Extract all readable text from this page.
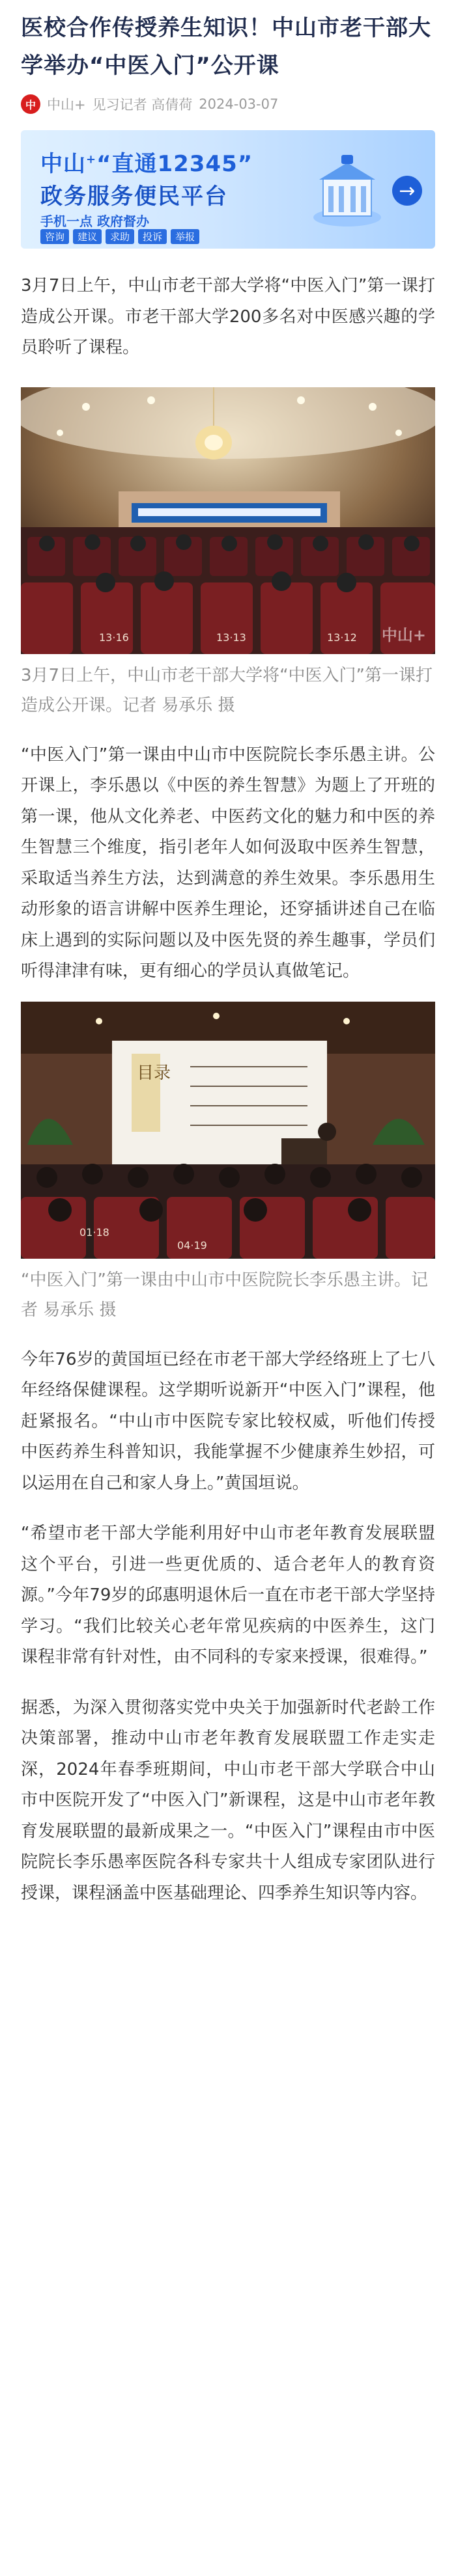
医校合作传授养生知识！中山市老干部大学举办“中医入门”公开课
中 中山+ 见习记者 高倩荷 2024-03-07
中山+“直通12345”
政务服务便民平台
手机一点 政府督办
咨询	建议	求助	投诉	举报
→

3月7日上午，中山市老干部大学将“中医入门”第一课打造成公开课。市老干部大学200多名对中医感兴趣的学员聆听了课程。

13·16	13·13	13·12 中山+

3月7日上午，中山市老干部大学将“中医入门”第一课打造成公开课。记者 易承乐 摄

“中医入门”第一课由中山市中医院院长李乐愚主讲。公开课上，李乐愚以《中医的养生智慧》为题上了开班的第一课，他从文化养老、中医药文化的魅力和中医的养生智慧三个维度，指引老年人如何汲取中医养生智慧，采取适当养生方法，达到满意的养生效果。李乐愚用生动形象的语言讲解中医养生理论，还穿插讲述自己在临床上遇到的实际问题以及中医先贤的养生趣事，学员们听得津津有味，更有细心的学员认真做笔记。

目录
01·18
04·19

“中医入门”第一课由中山市中医院院长李乐愚主讲。记者 易承乐 摄

今年76岁的黄国垣已经在市老干部大学经络班上了七八年经络保健课程。这学期听说新开“中医入门”课程，他赶紧报名。“中山市中医院专家比较权威，听他们传授中医药养生科普知识，我能掌握不少健康养生妙招，可以运用在自己和家人身上。”黄国垣说。

“希望市老干部大学能利用好中山市老年教育发展联盟这个平台，引进一些更优质的、适合老年人的教育资源。”今年79岁的邱惠明退休后一直在市老干部大学坚持学习。“我们比较关心老年常见疾病的中医养生，这门课程非常有针对性，由不同科的专家来授课，很难得。”

据悉，为深入贯彻落实党中央关于加强新时代老龄工作决策部署，推动中山市老年教育发展联盟工作走实走深，2024年春季班期间，中山市老干部大学联合中山市中医院开发了“中医入门”新课程，这是中山市老年教育发展联盟的最新成果之一。“中医入门”课程由市中医院院长李乐愚率医院各科专家共十人组成专家团队进行授课，课程涵盖中医基础理论、四季养生知识等内容。
